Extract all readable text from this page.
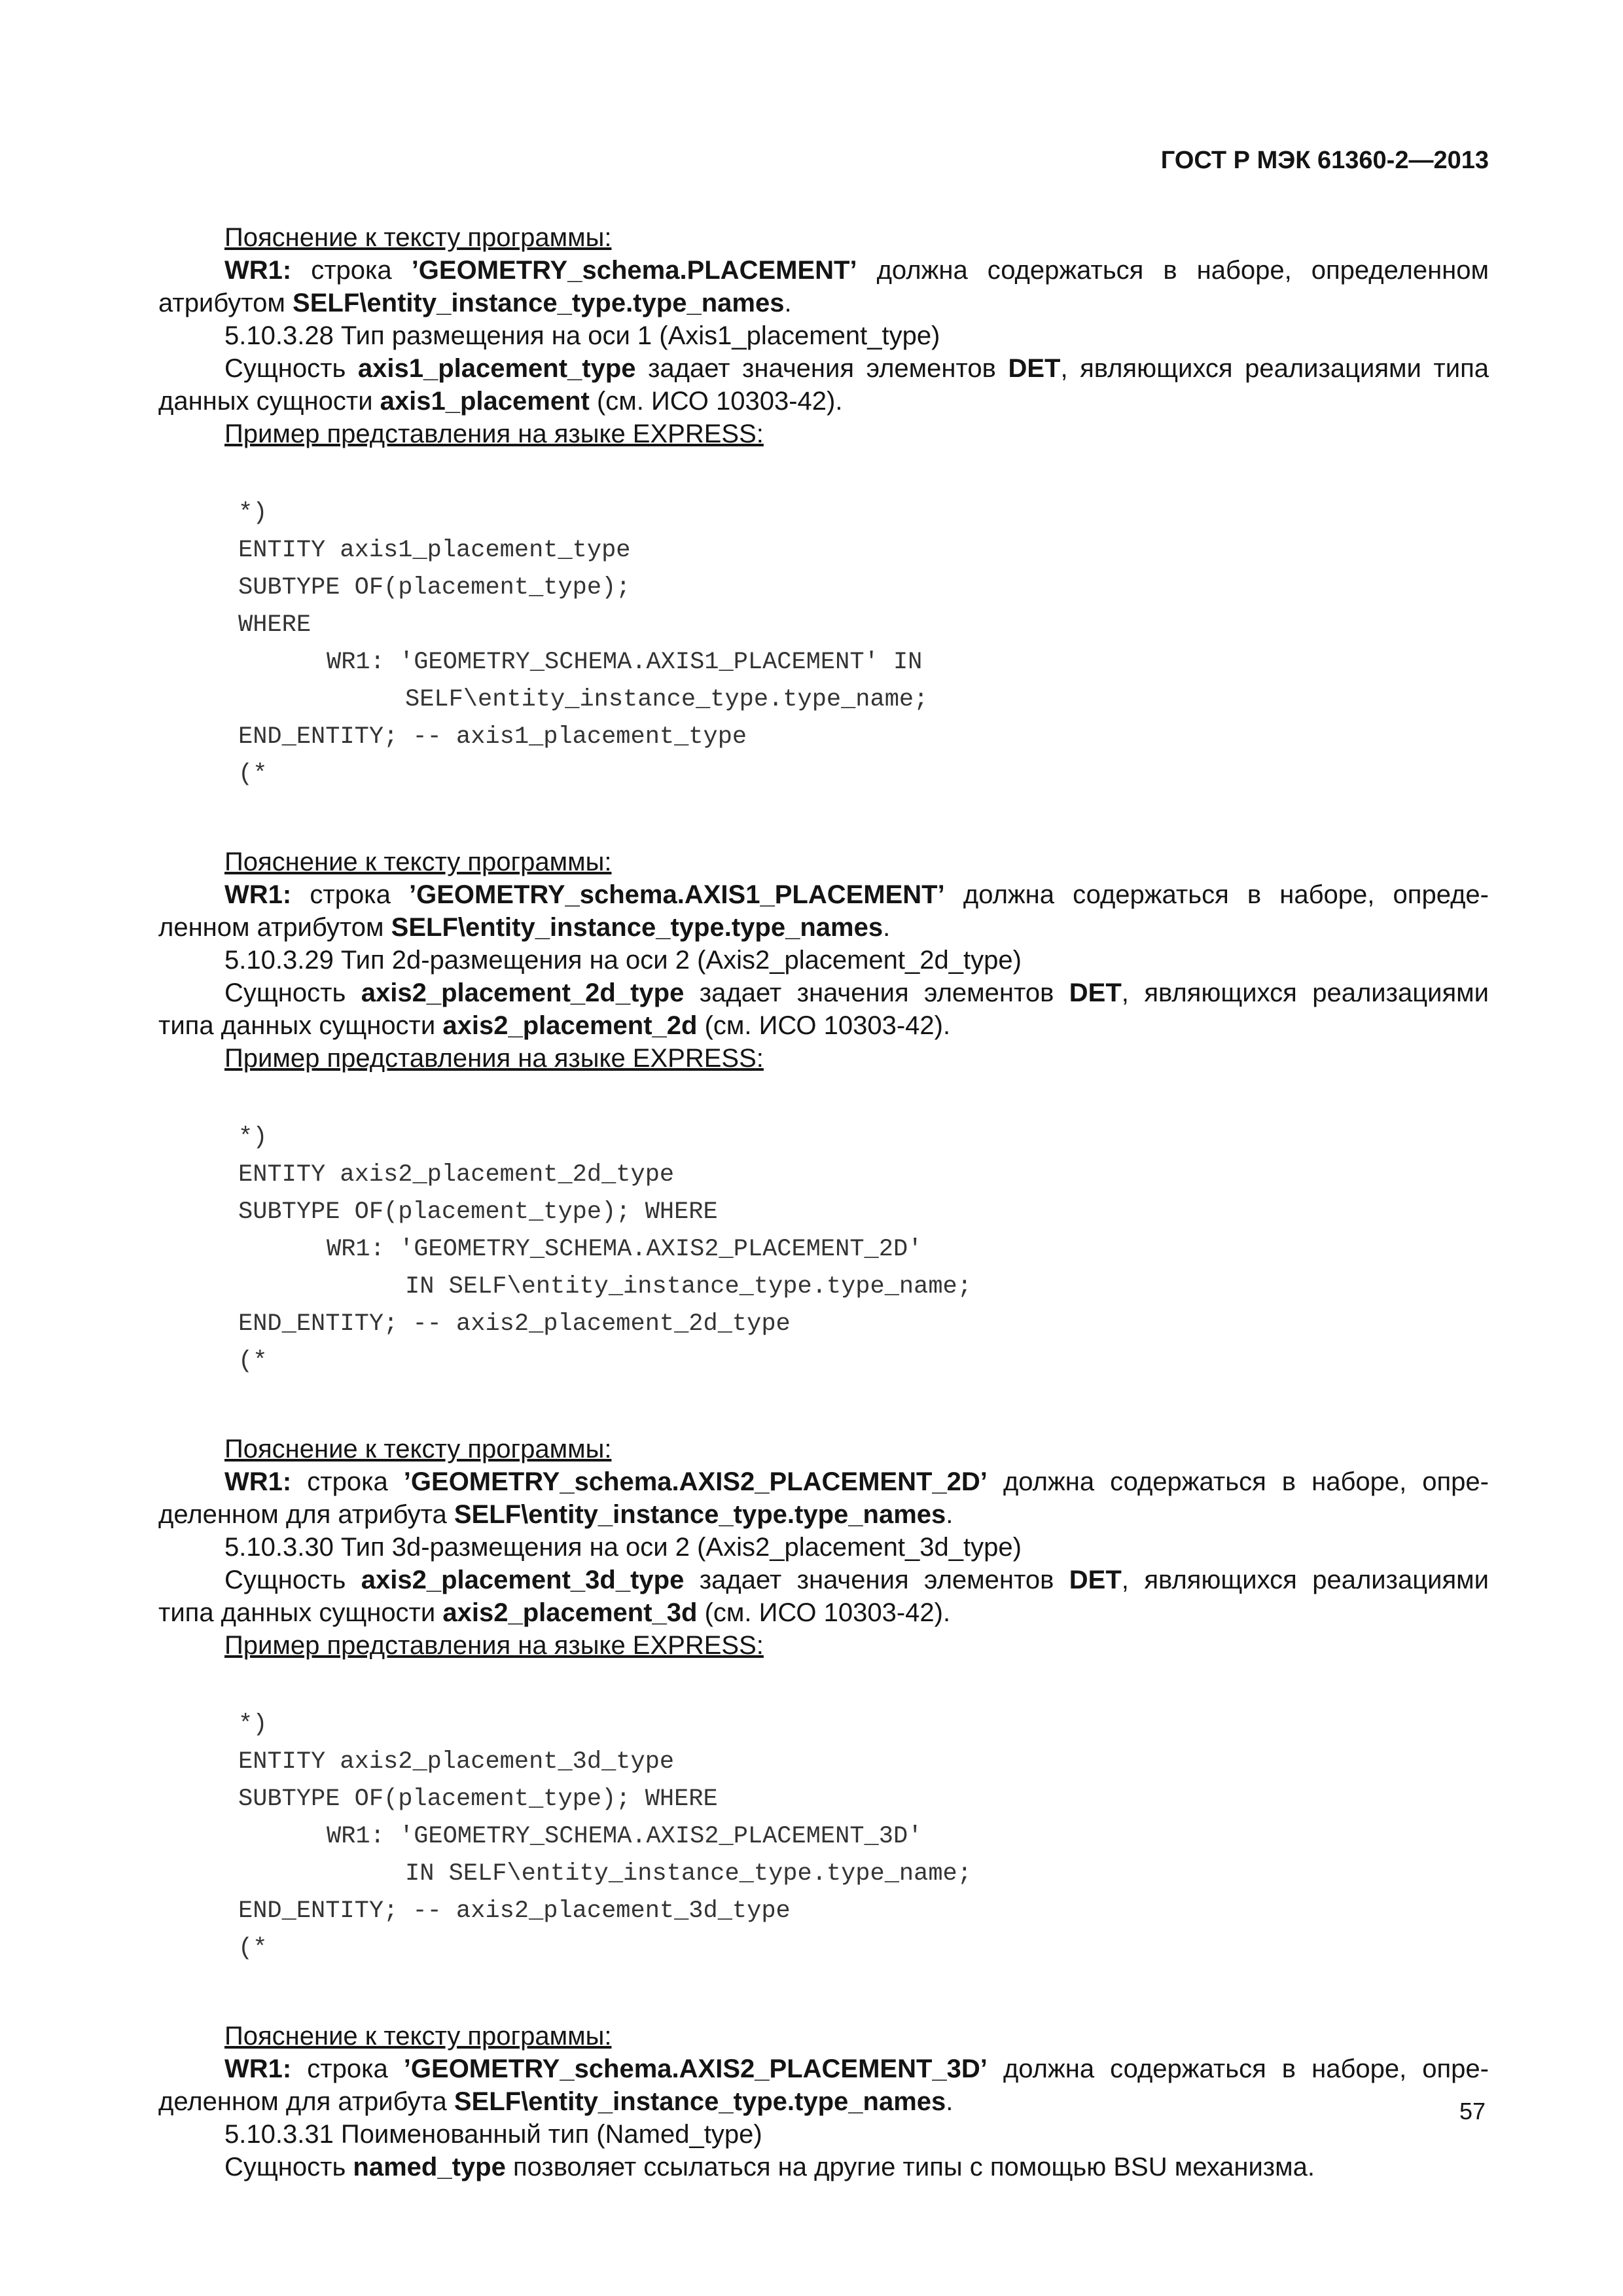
ГОСТ Р МЭК 61360-2—2013

Пояснение к тексту программы:

WR1: строка ’GEOMETRY_schema.PLACEMENT’ должна содержаться в наборе, определенном атрибутом SELF\entity_instance_type.type_names.

5.10.3.28 Тип размещения на оси 1 (Axis1_placement_type)

Сущность axis1_placement_type задает значения элементов DET, являющихся реализациями типа данных сущности axis1_placement (см. ИСО 10303-42).

Пример представления на языке EXPRESS:

*)
ENTITY axis1_placement_type
SUBTYPE OF(placement_type);
WHERE
WR1: 'GEOMETRY_SCHEMA.AXIS1_PLACEMENT' IN
SELF\entity_instance_type.type_name;
END_ENTITY; -- axis1_placement_type
(*

Пояснение к тексту программы:

WR1: строка ’GEOMETRY_schema.AXIS1_PLACEMENT’ должна содержаться в наборе, определенном атрибутом SELF\entity_instance_type.type_names.

5.10.3.29 Тип 2d-размещения на оси 2 (Axis2_placement_2d_type)

Сущность axis2_placement_2d_type задает значения элементов DET, являющихся реализациями типа данных сущности axis2_placement_2d (см. ИСО 10303-42).

Пример представления на языке EXPRESS:

*)
ENTITY axis2_placement_2d_type
SUBTYPE OF(placement_type); WHERE
WR1: 'GEOMETRY_SCHEMA.AXIS2_PLACEMENT_2D'
IN SELF\entity_instance_type.type_name;
END_ENTITY; -- axis2_placement_2d_type
(*

Пояснение к тексту программы:

WR1: строка ’GEOMETRY_schema.AXIS2_PLACEMENT_2D’ должна содержаться в наборе, определенном для атрибута SELF\entity_instance_type.type_names.

5.10.3.30 Тип 3d-размещения на оси 2 (Axis2_placement_3d_type)

Сущность axis2_placement_3d_type задает значения элементов DET, являющихся реализациями типа данных сущности axis2_placement_3d (см. ИСО 10303-42).

Пример представления на языке EXPRESS:

*)
ENTITY axis2_placement_3d_type
SUBTYPE OF(placement_type); WHERE
WR1: 'GEOMETRY_SCHEMA.AXIS2_PLACEMENT_3D'
IN SELF\entity_instance_type.type_name;
END_ENTITY; -- axis2_placement_3d_type
(*

Пояснение к тексту программы:

WR1: строка ’GEOMETRY_schema.AXIS2_PLACEMENT_3D’ должна содержаться в наборе, определенном для атрибута SELF\entity_instance_type.type_names.

5.10.3.31 Поименованный тип (Named_type)

Сущность named_type позволяет ссылаться на другие типы с помощью BSU механизма.

57
